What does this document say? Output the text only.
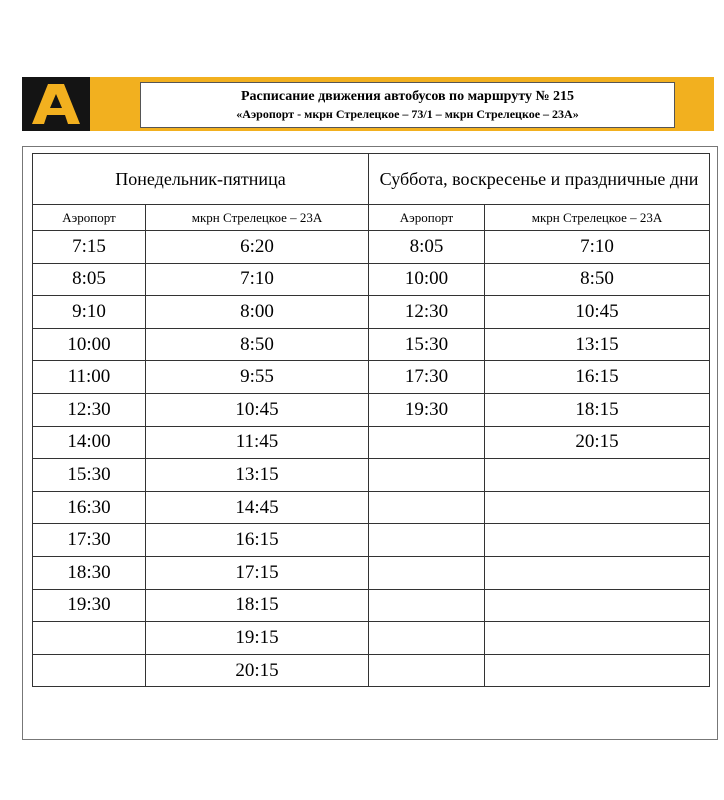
Расписание движения автобусов по маршруту № 215
«Аэропорт - мкрн Стрелецкое – 73/1 – мкрн Стрелецкое – 23А»
Понедельник-пятница		Суббота, воскресенье и праздничные дни	
Аэропорт	мкрн Стрелецкое – 23А	Аэропорт	мкрн Стрелецкое – 23А
7:15	6:20	8:05	7:10
8:05	7:10	10:00	8:50
9:10	8:00	12:30	10:45
10:00	8:50	15:30	13:15
11:00	9:55	17:30	16:15
12:30	10:45	19:30	18:15
14:00	11:45		20:15
15:30	13:15		
16:30	14:45		
17:30	16:15		
18:30	17:15		
19:30	18:15		
	19:15		
	20:15		
